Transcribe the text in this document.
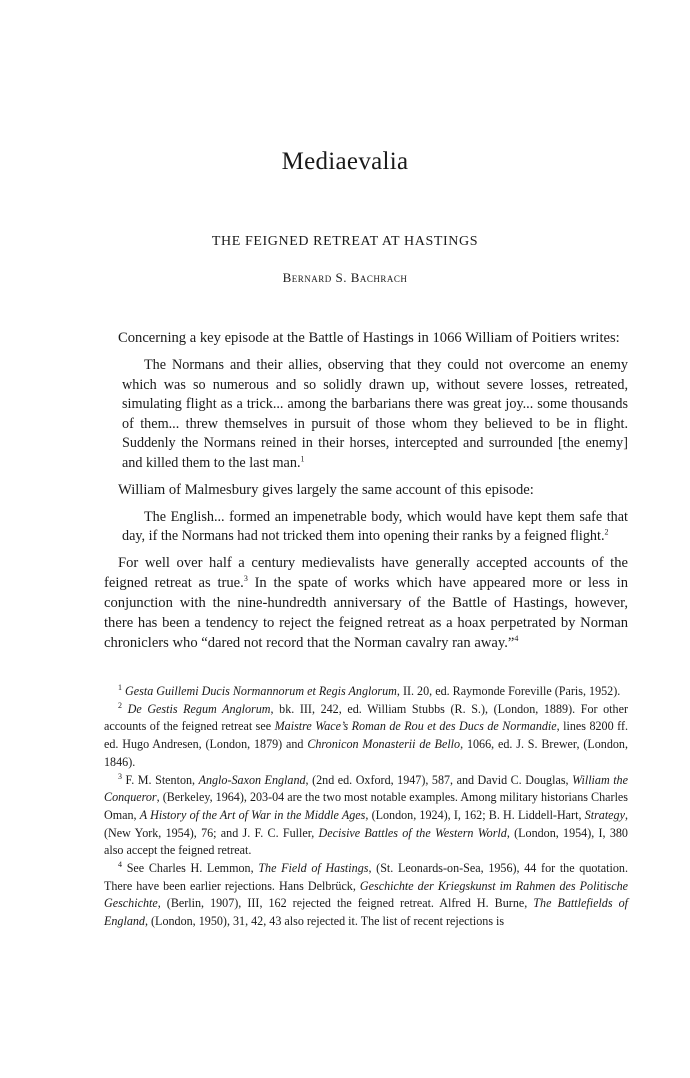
Mediaevalia
THE FEIGNED RETREAT AT HASTINGS
Bernard S. Bachrach

Concerning a key episode at the Battle of Hastings in 1066 William of Poitiers writes:

The Normans and their allies, observing that they could not overcome an enemy which was so numerous and so solidly drawn up, without severe losses, retreated, simulating flight as a trick... among the barbarians there was great joy... some thousands of them... threw themselves in pursuit of those whom they believed to be in flight. Suddenly the Normans reined in their horses, intercepted and surrounded [the enemy] and killed them to the last man.$^1$

William of Malmesbury gives largely the same account of this episode:

The English... formed an impenetrable body, which would have kept them safe that day, if the Normans had not tricked them into opening their ranks by a feigned flight.$^2$

For well over half a century medievalists have generally accepted accounts of the feigned retreat as true.$^3$ In the spate of works which have appeared more or less in conjunction with the nine-hundredth anniversary of the Battle of Hastings, however, there has been a tendency to reject the feigned retreat as a hoax perpetrated by Norman chroniclers who “dared not record that the Norman cavalry ran away.”$^4$

$^1$ Gesta Guillemi Ducis Normannorum et Regis Anglorum, II. 20, ed. Raymonde Foreville (Paris, 1952).

$^2$ De Gestis Regum Anglorum, bk. III, 242, ed. William Stubbs (R. S.), (London, 1889). For other accounts of the feigned retreat see Maistre Wace’s Roman de Rou et des Ducs de Normandie, lines 8200 ff. ed. Hugo Andresen, (London, 1879) and Chronicon Monasterii de Bello, 1066, ed. J. S. Brewer, (London, 1846).

$^3$ F. M. Stenton, Anglo-Saxon England, (2nd ed. Oxford, 1947), 587, and David C. Douglas, William the Conqueror, (Berkeley, 1964), 203-04 are the two most notable examples. Among military historians Charles Oman, A History of the Art of War in the Middle Ages, (London, 1924), I, 162; B. H. Liddell-Hart, Strategy, (New York, 1954), 76; and J. F. C. Fuller, Decisive Battles of the Western World, (London, 1954), I, 380 also accept the feigned retreat.

$^4$ See Charles H. Lemmon, The Field of Hastings, (St. Leonards-on-Sea, 1956), 44 for the quotation. There have been earlier rejections. Hans Delbrück, Geschichte der Kriegskunst im Rahmen des Politische Geschichte, (Berlin, 1907), III, 162 rejected the feigned retreat. Alfred H. Burne, The Battlefields of England, (London, 1950), 31, 42, 43 also rejected it. The list of recent rejections is
